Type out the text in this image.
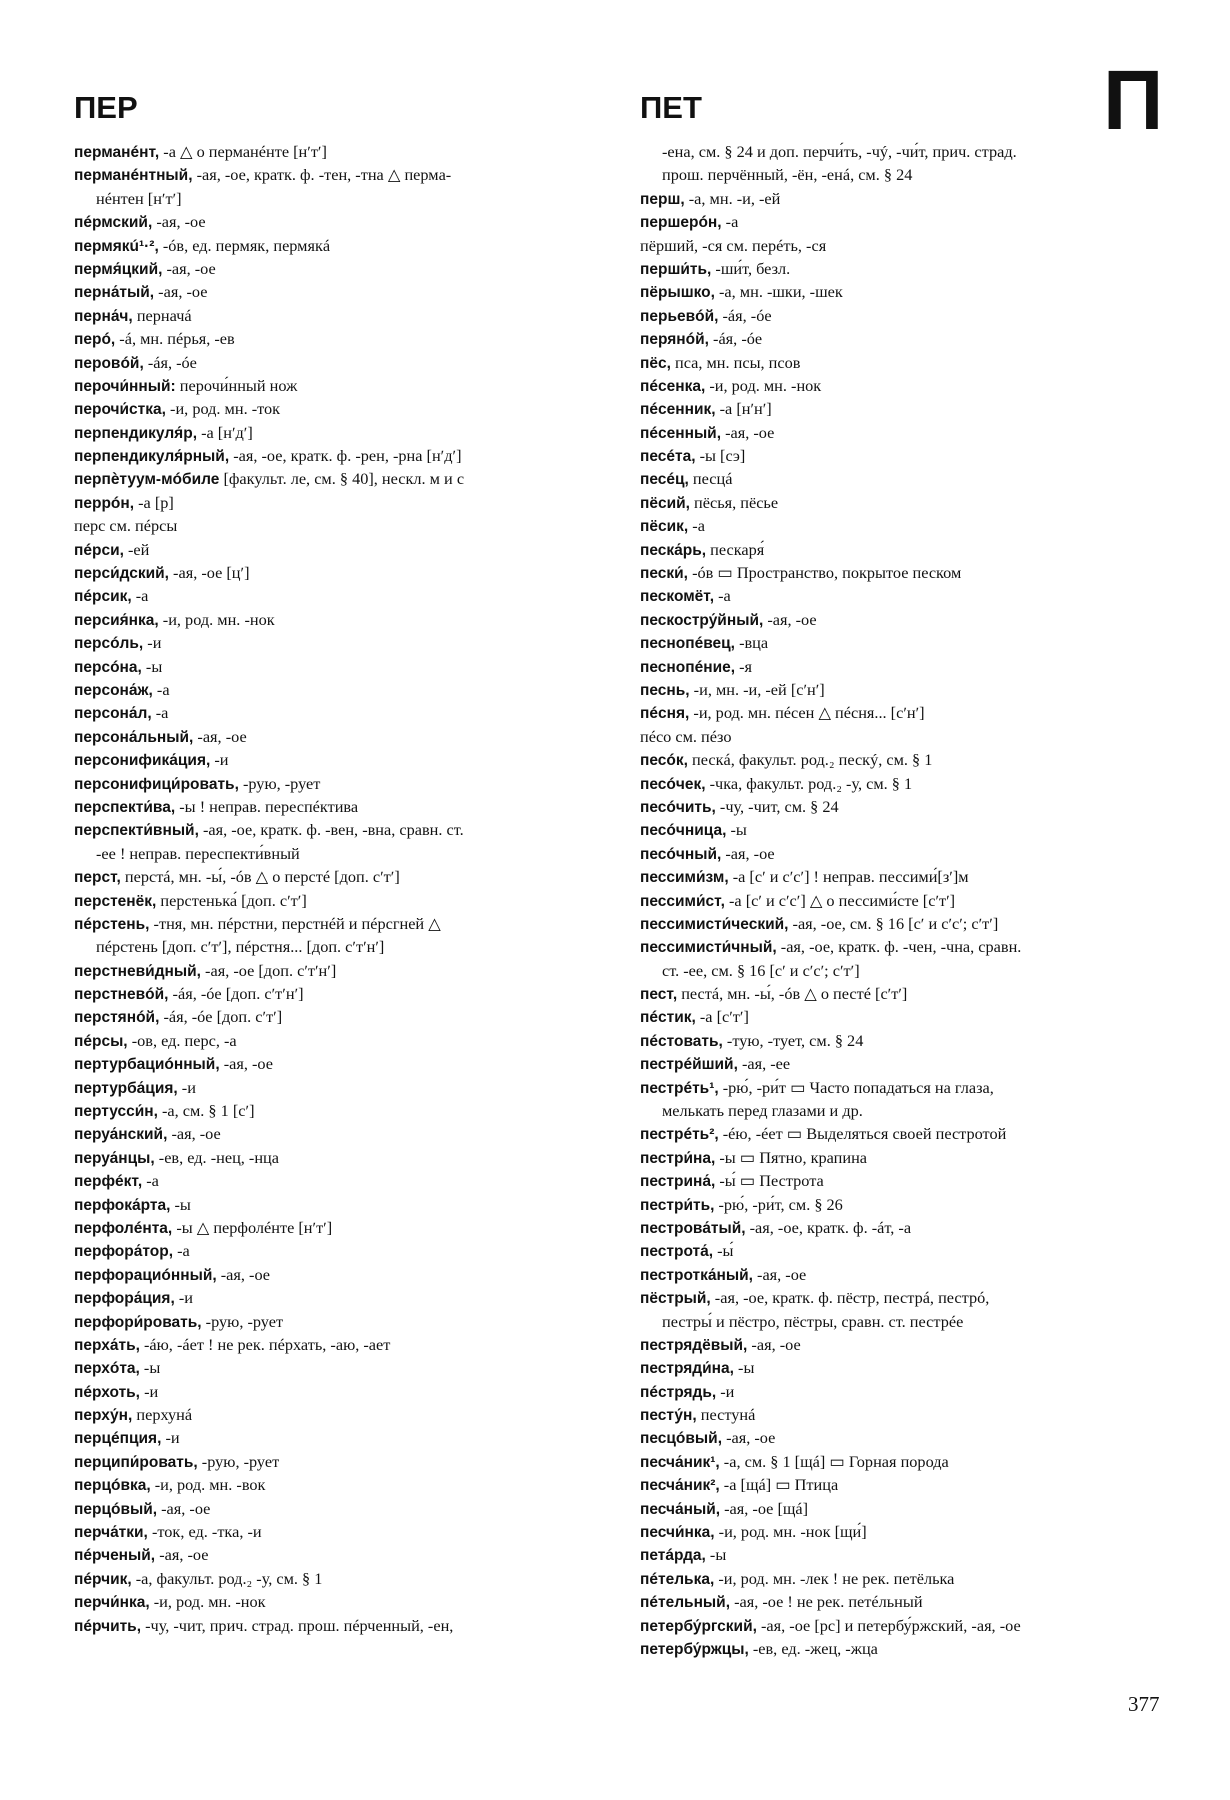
ПЕР	ПЕТ	П
перманéнт, -а △ о перманéнте [нʹтʹ]
перманéнтный, -ая, -ое, кратк. ф. -тен, -тна △ пермa-
нéнтен [нʹтʹ]
пéрмский, -ая, -ое
пермякú¹·², -óв, ед. пермяк, пермякá
пермя́цкий, -ая, -ое
перна́тый, -ая, -ое
перна́ч, перначá
перó, -á, мн. пéрья, -ев
перовóй, -áя, -óе
перочи́нный: перочи́нный нож
перочи́стка, -и, род. мн. -ток
перпендикуля́р, -а [нʹдʹ]
перпендикуля́рный, -ая, -ое, кратк. ф. -рен, -рна [нʹдʹ]
перпѐтуум-мóбиле [факульт. ле, см. § 40], нескл. м и с
перрóн, -а [р]
перс см. пéрсы
пéрси, -ей
перси́дский, -ая, -ое [цʹ]
пéрсик, -а
персия́нка, -и, род. мн. -нок
персóль, -и
персóна, -ы
персона́ж, -а
персона́л, -а
персона́льный, -ая, -ое
персонифика́ция, -и
персонифици́ровать, -рую, -рует
перспекти́ва, -ы ! неправ. переспéктива
перспекти́вный, -ая, -ое, кратк. ф. -вен, -вна, сравн. ст.
-ее ! неправ. переспекти́вный
перст, перстá, мн. -ы́, -óв △ о перстé [доп. сʹтʹ]
перстенёк, перстенька́ [доп. сʹтʹ]
пéрстень, -тня, мн. пéрстни, перстнéй и пéрсгней △
пéрстень [доп. сʹтʹ], пéрстня... [доп. сʹтʹнʹ]
перстневи́дный, -ая, -ое [доп. сʹтʹнʹ]
перстневóй, -áя, -óе [доп. сʹтʹнʹ]
перстянóй, -áя, -óе [доп. сʹтʹ]
пéрсы, -ов, ед. перс, -а
пертурбациóнный, -ая, -ое
пертурба́ция, -и
пертусси́н, -а, см. § 1 [сʹ]
перуа́нский, -ая, -ое
перуа́нцы, -ев, ед. -нец, -нца
перфéкт, -а
перфока́рта, -ы
перфолéнта, -ы △ перфолéнте [нʹтʹ]
перфора́тор, -а
перфорациóнный, -ая, -ое
перфора́ция, -и
перфори́ровать, -рую, -рует
перха́ть, -áю, -áет ! не рек. пéрхать, -аю, -ает
перхóта, -ы
пéрхоть, -и
перху́н, перхунá
перцéпция, -и
перципи́ровать, -рую, -рует
перцóвка, -и, род. мн. -вок
перцóвый, -ая, -ое
перча́тки, -ток, ед. -тка, -и
пéрченый, -ая, -ое
пéрчик, -а, факульт. род.₂ -у, см. § 1
перчи́нка, -и, род. мн. -нок
пéрчить, -чу, -чит, прич. страд. прош. пéрченный, -ен,
-ена, см. § 24 и доп. перчи́ть, -чý, -чи́т, прич. страд.
прош. перчённый, -ён, -енá, см. § 24
перш, -а, мн. -и, -ей
першерóн, -а
пёрший, -ся см. перéть, -ся
перши́ть, -ши́т, безл.
пёрышко, -а, мн. -шки, -шек
перьевóй, -áя, -óе
перянóй, -áя, -óе
пёс, пса, мн. псы, псов
пéсенка, -и, род. мн. -нок
пéсенник, -а [нʹнʹ]
пéсенный, -ая, -ое
песéта, -ы [сэ]
песéц, песцá
пёсий, пёсья, пёсье
пёсик, -а
песка́рь, пескаря́
пески́, -óв ▭ Пространство, покрытое песком
пескомёт, -а
пескостру́йный, -ая, -ое
песнопéвец, -вца
песнопéние, -я
песнь, -и, мн. -и, -ей [сʹнʹ]
пéсня, -и, род. мн. пéсен △ пéсня... [сʹнʹ]
пéсо см. пéзо
песóк, пескá, факульт. род.₂ пескý, см. § 1
песóчек, -чка, факульт. род.₂ -у, см. § 1
песóчить, -чу, -чит, см. § 24
песóчница, -ы
песóчный, -ая, -ое
пессими́зм, -а [сʹ и сʹсʹ] ! неправ. пессими́[зʹ]м
пессими́ст, -а [сʹ и сʹсʹ] △ о пессими́сте [сʹтʹ]
пессимисти́ческий, -ая, -ое, см. § 16 [сʹ и сʹсʹ; сʹтʹ]
пессимисти́чный, -ая, -ое, кратк. ф. -чен, -чна, сравн.
ст. -ее, см. § 16 [сʹ и сʹсʹ; сʹтʹ]
пест, пестá, мн. -ы́, -óв △ о пестé [сʹтʹ]
пéстик, -а [сʹтʹ]
пéстовать, -тую, -тует, см. § 24
пестрéйший, -ая, -ее
пестрéть¹, -рю́, -ри́т ▭ Часто попадаться на глаза,
мелькать перед глазами и др.
пестрéть², -éю, -éет ▭ Выделяться своей пестротой
пестри́на, -ы ▭ Пятно, крапина
пестрина́, -ы́ ▭ Пестрота
пестри́ть, -рю́, -ри́т, см. § 26
пестрова́тый, -ая, -ое, кратк. ф. -áт, -а
пестрота́, -ы́
пестротка́ный, -ая, -ое
пёстрый, -ая, -ое, кратк. ф. пёстр, пестрá, пестрó,
пестры́ и пёстро, пёстры, сравн. ст. пестрéе
пестрядёвый, -ая, -ое
пестряди́на, -ы
пéстрядь, -и
песту́н, пестунá
песцóвый, -ая, -ое
песча́ник¹, -а, см. § 1 [щá] ▭ Горная порода
песча́ник², -а [щá] ▭ Птица
песча́ный, -ая, -ое [щá]
песчи́нка, -и, род. мн. -нок [щи́]
петáрда, -ы
пéтелька, -и, род. мн. -лек ! не рек. петёлька
пéтельный, -ая, -ое ! не рек. петéльный
петербу́ргский, -ая, -ое [рс] и петербу́ржский, -ая, -ое
петербу́ржцы, -ев, ед. -жец, -жца
377
